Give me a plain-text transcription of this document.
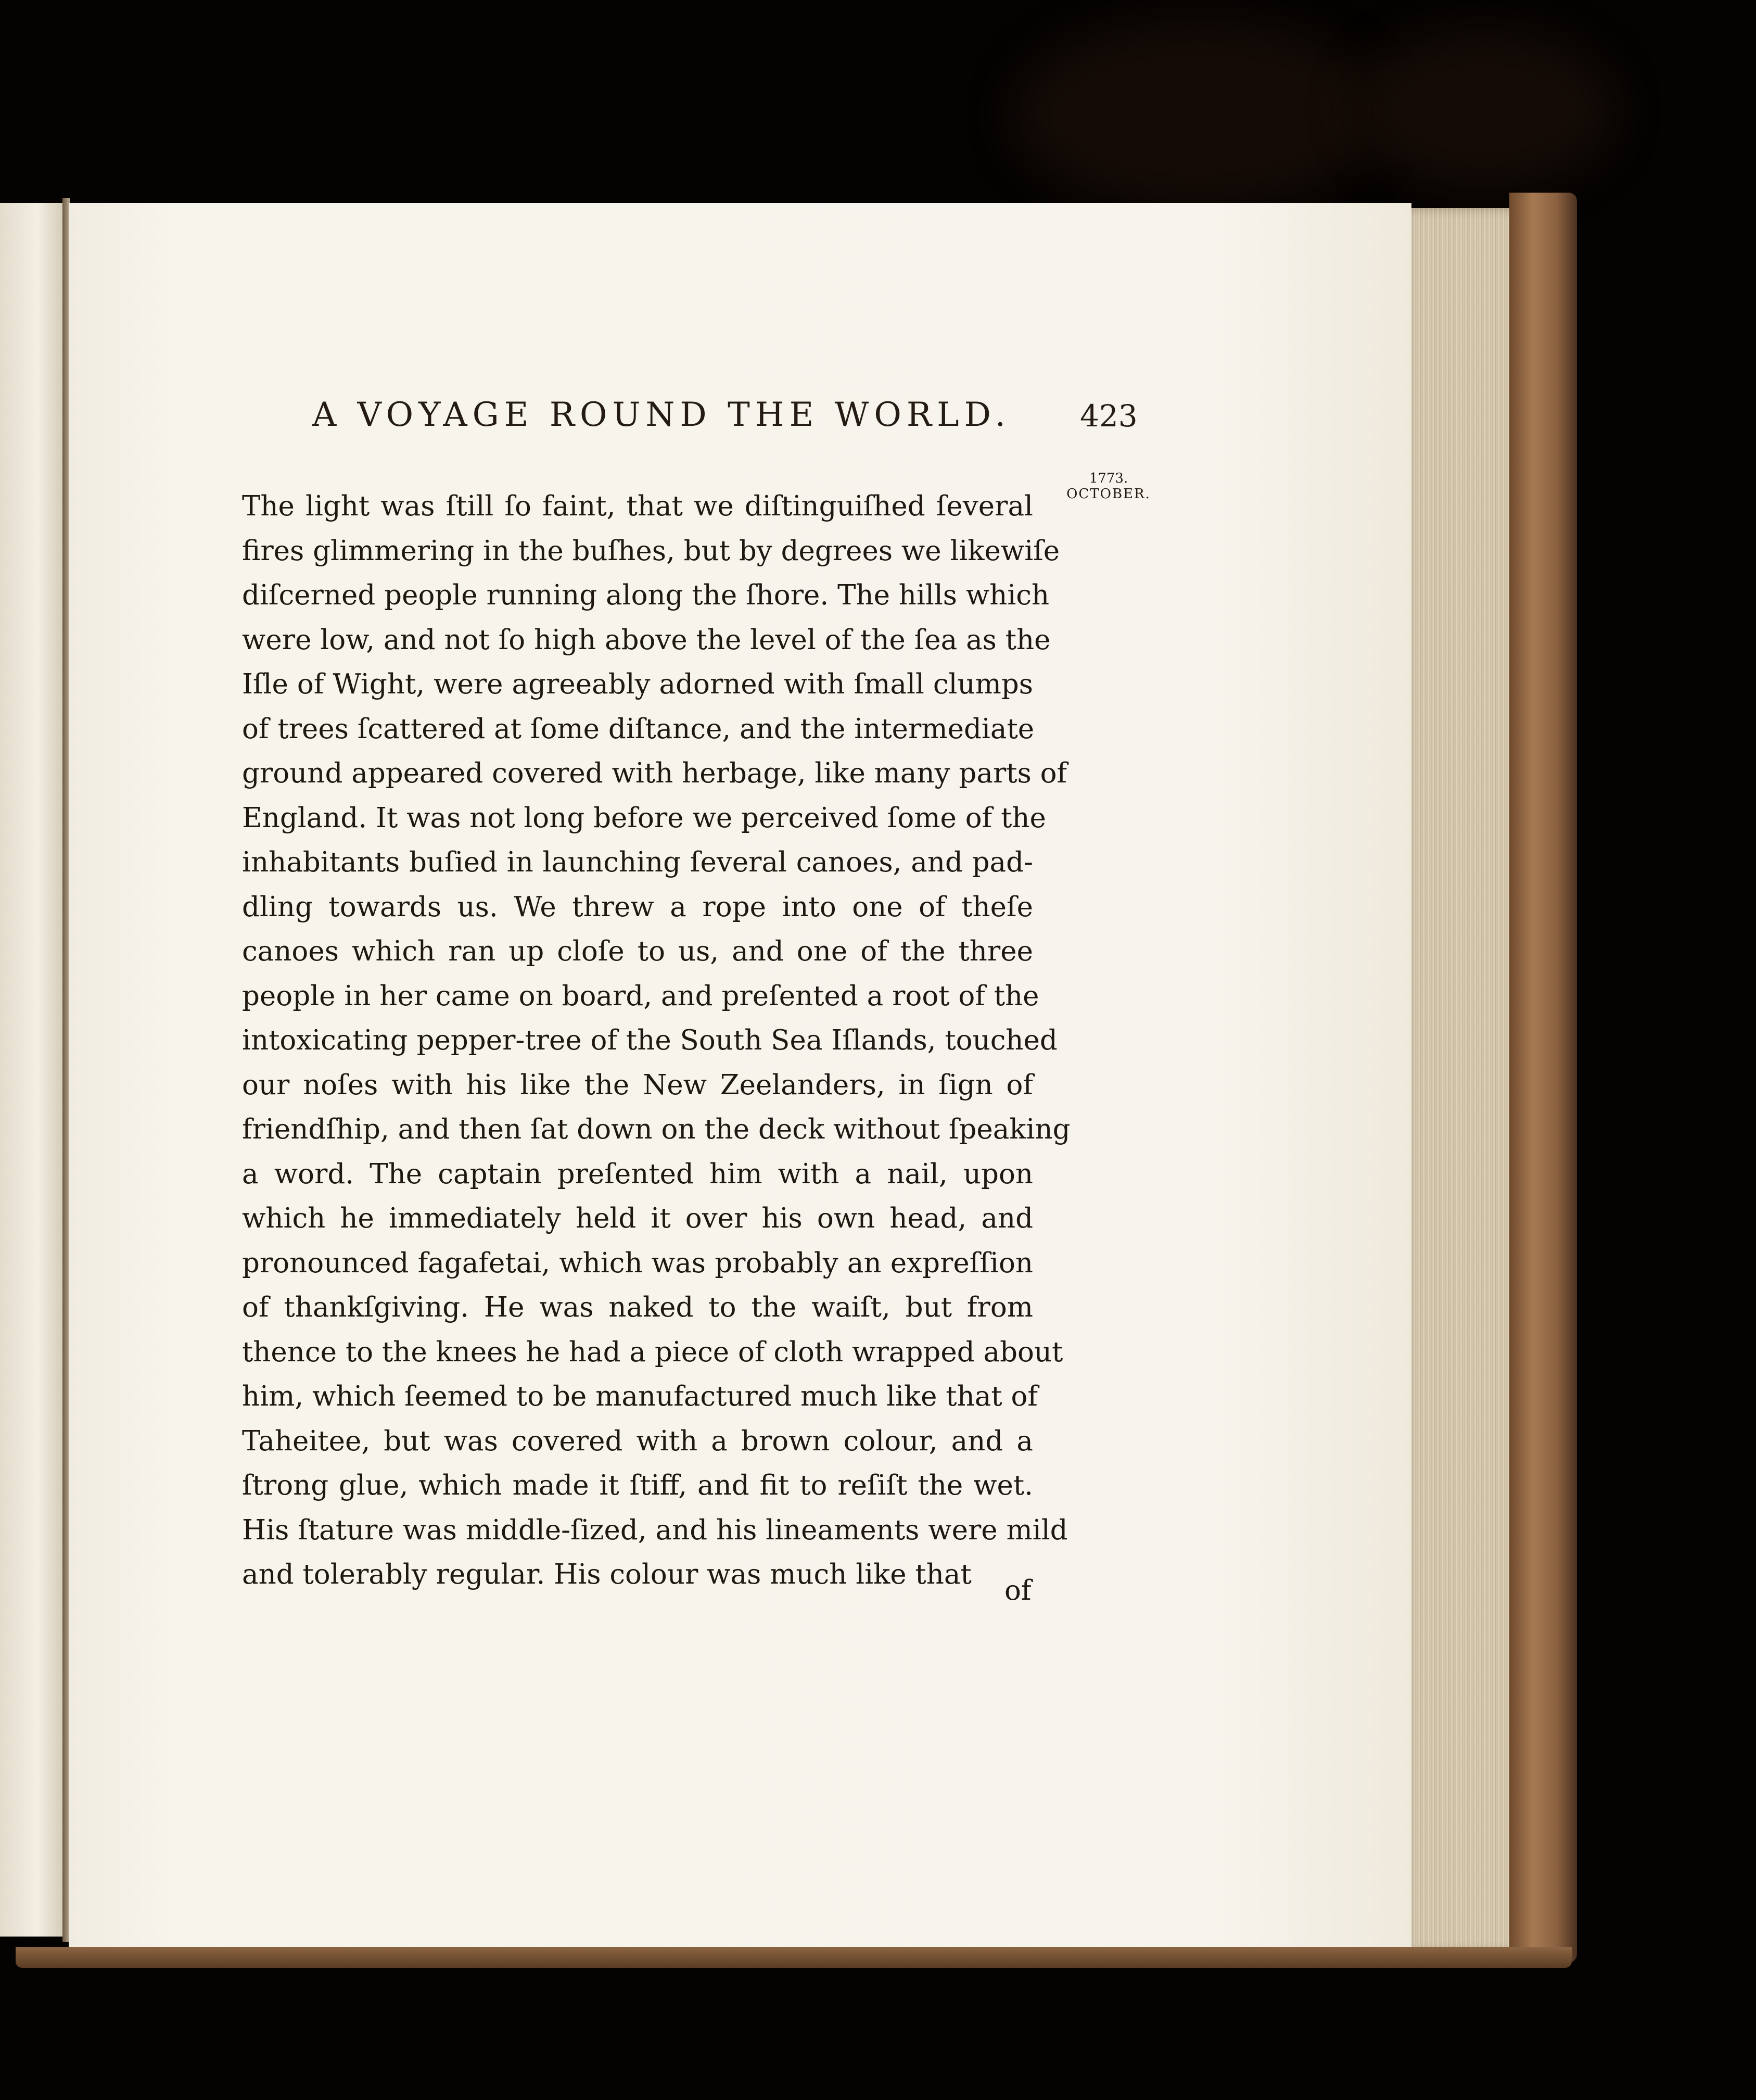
A VOYAGE ROUND THE WORLD.	423
1773.
OCTOBER.
The light was ſtill ſo faint, that we diſtinguiſhed ſeveral
fires glimmering in the buſhes, but by degrees we likewiſe
diſcerned people running along the ſhore. The hills which
were low, and not ſo high above the level of the ſea as the
Iſle of Wight, were agreeably adorned with ſmall clumps
of trees ſcattered at ſome diſtance, and the intermediate
ground appeared covered with herbage, like many parts of
England. It was not long before we perceived ſome of the
inhabitants buſied in launching ſeveral canoes, and pad-
dling towards us. We threw a rope into one of theſe
canoes which ran up cloſe to us, and one of the three
people in her came on board, and preſented a root of the
intoxicating pepper-tree of the South Sea Iſlands, touched
our noſes with his like the New Zeelanders, in ſign of
friendſhip, and then ſat down on the deck without ſpeaking
a word. The captain preſented him with a nail, upon
which he immediately held it over his own head, and
pronounced fagafetai, which was probably an expreſſion
of thankſgiving. He was naked to the waiſt, but from
thence to the knees he had a piece of cloth wrapped about
him, which ſeemed to be manufactured much like that of
Taheitee, but was covered with a brown colour, and a
ſtrong glue, which made it ſtiff, and fit to reſiſt the wet.
His ſtature was middle-ſized, and his lineaments were mild
and tolerably regular. His colour was much like that
of
